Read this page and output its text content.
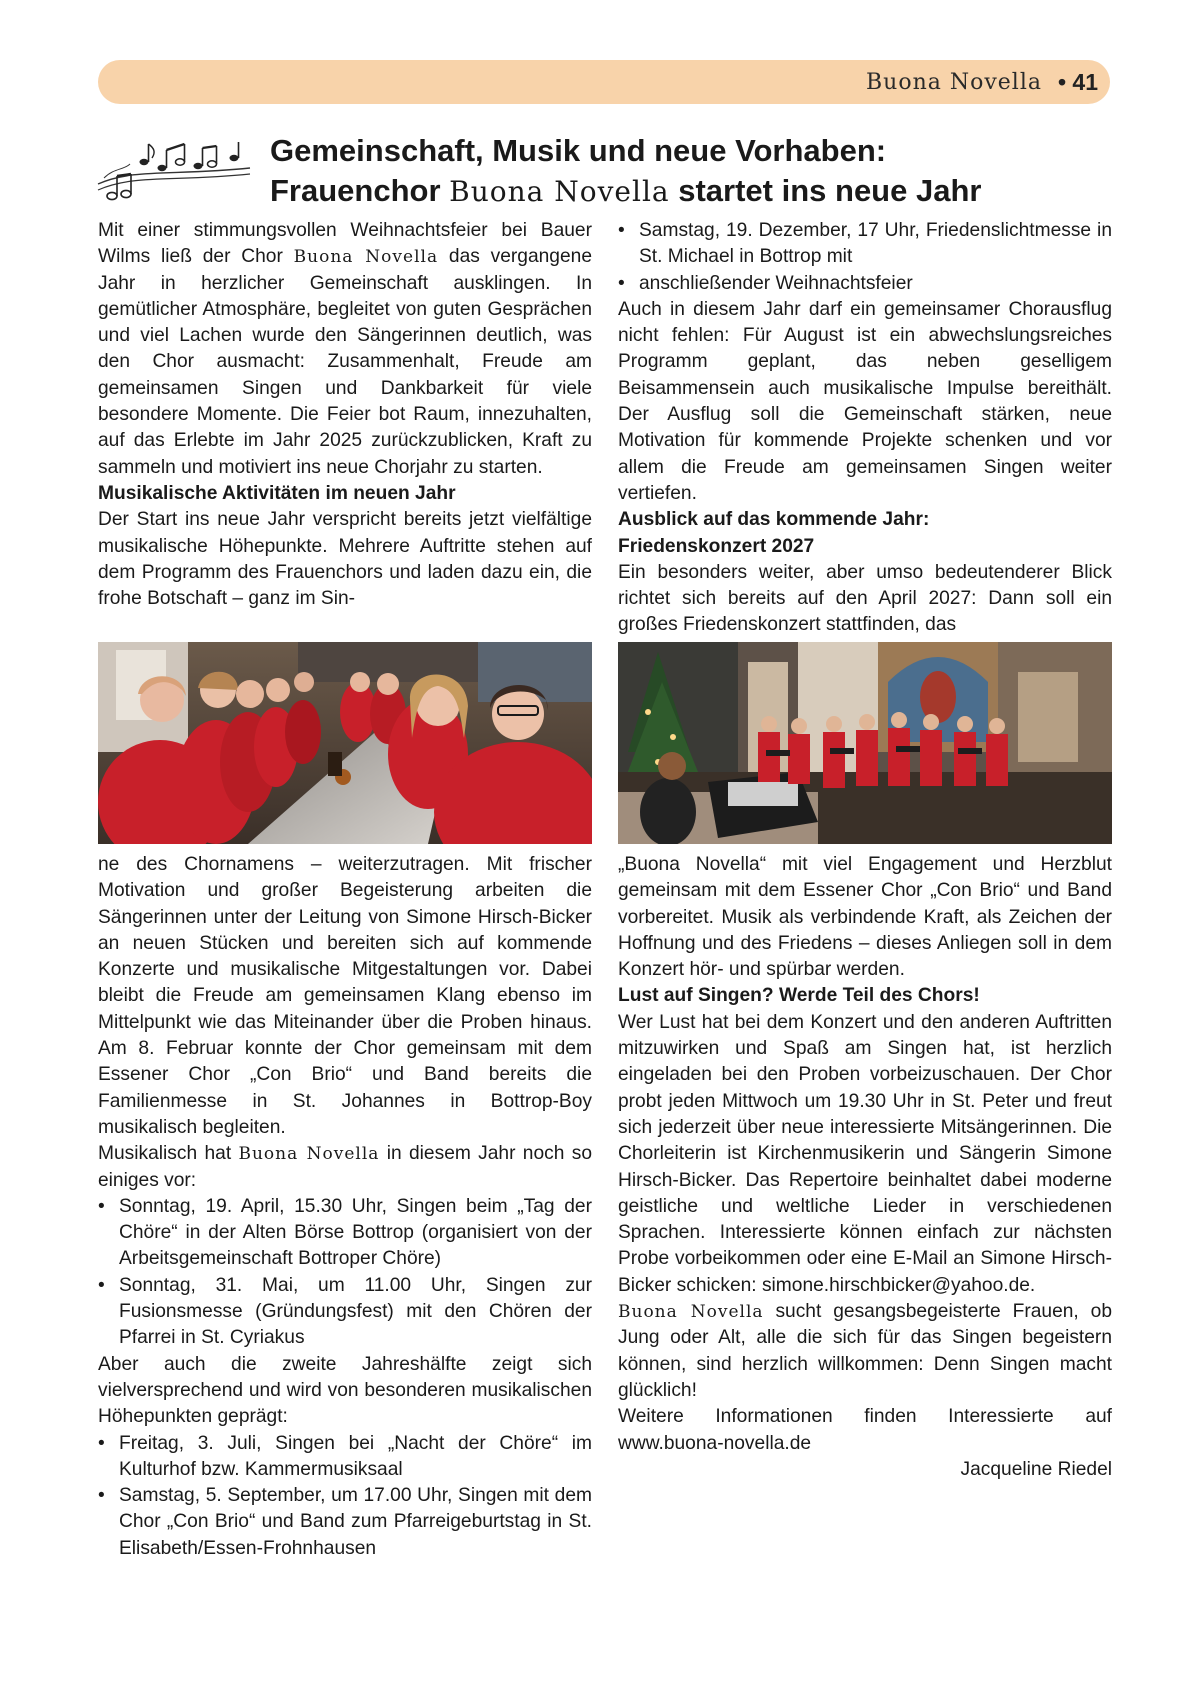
Buona Novella • 41
Gemeinschaft, Musik und neue Vorhaben:
Frauenchor Buona Novella startet ins neue Jahr

Mit einer stimmungsvollen Weihnachtsfeier bei Bauer Wilms ließ der Chor Buona Novella das vergangene Jahr in herzlicher Gemeinschaft ausklingen. In gemütlicher Atmosphäre, begleitet von guten Gesprächen und viel Lachen wurde den Sängerinnen deutlich, was den Chor ausmacht: Zusammenhalt, Freude am gemeinsamen Singen und Dankbarkeit für viele besondere Momente. Die Feier bot Raum, innezuhalten, auf das Erlebte im Jahr 2025 zurückzublicken, Kraft zu sammeln und motiviert ins neue Chorjahr zu starten.

Musikalische Aktivitäten im neuen Jahr

Der Start ins neue Jahr verspricht bereits jetzt vielfältige musikalische Höhepunkte. Mehrere Auftritte stehen auf dem Programm des Frauenchors und laden dazu ein, die frohe Botschaft – ganz im Sin-

ne des Chornamens – weiterzutragen. Mit frischer Motivation und großer Begeisterung arbeiten die Sängerinnen unter der Leitung von Simone Hirsch-Bicker an neuen Stücken und bereiten sich auf kommende Konzerte und musikalische Mitgestaltungen vor. Dabei bleibt die Freude am gemeinsamen Klang ebenso im Mittelpunkt wie das Miteinander über die Proben hinaus. Am 8. Februar konnte der Chor gemeinsam mit dem Essener Chor „Con Brio“ und Band bereits die Familienmesse in St. Johannes in Bottrop-Boy musikalisch begleiten.

Musikalisch hat Buona Novella in diesem Jahr noch so einiges vor:

• Sonntag, 19. April, 15.30 Uhr, Singen beim „Tag der Chöre“ in der Alten Börse Bottrop (organisiert von der Arbeitsgemeinschaft Bottroper Chöre)
• Sonntag, 31. Mai, um 11.00 Uhr, Singen zur Fusionsmesse (Gründungsfest) mit den Chören der Pfarrei in St. Cyriakus

Aber auch die zweite Jahreshälfte zeigt sich vielversprechend und wird von besonderen musikalischen Höhepunkten geprägt:

• Freitag, 3. Juli, Singen bei „Nacht der Chöre“ im Kulturhof bzw. Kammermusiksaal
• Samstag, 5. September, um 17.00 Uhr, Singen mit dem Chor „Con Brio“ und Band zum Pfarreigeburtstag in St. Elisabeth/Essen-Frohnhausen
• Samstag, 19. Dezember, 17 Uhr, Friedenslichtmesse in St. Michael in Bottrop mit
• anschließender Weihnachtsfeier

Auch in diesem Jahr darf ein gemeinsamer Chorausflug nicht fehlen: Für August ist ein abwechslungsreiches Programm geplant, das neben geselligem Beisammensein auch musikalische Impulse bereithält. Der Ausflug soll die Gemeinschaft stärken, neue Motivation für kommende Projekte schenken und vor allem die Freude am gemeinsamen Singen weiter vertiefen.

Ausblick auf das kommende Jahr:
Friedenskonzert 2027

Ein besonders weiter, aber umso bedeutenderer Blick richtet sich bereits auf den April 2027: Dann soll ein großes Friedenskonzert stattfinden, das

„Buona Novella“ mit viel Engagement und Herzblut gemeinsam mit dem Essener Chor „Con Brio“ und Band vorbereitet. Musik als verbindende Kraft, als Zeichen der Hoffnung und des Friedens – dieses Anliegen soll in dem Konzert hör- und spürbar werden.

Lust auf Singen? Werde Teil des Chors!

Wer Lust hat bei dem Konzert und den anderen Auftritten mitzuwirken und Spaß am Singen hat, ist herzlich eingeladen bei den Proben vorbeizuschauen. Der Chor probt jeden Mittwoch um 19.30 Uhr in St. Peter und freut sich jederzeit über neue interessierte Mitsängerinnen. Die Chorleiterin ist Kirchenmusikerin und Sängerin Simone Hirsch-Bicker. Das Repertoire beinhaltet dabei moderne geistliche und weltliche Lieder in verschiedenen Sprachen. Interessierte können einfach zur nächsten Probe vorbeikommen oder eine E-Mail an Simone Hirsch-Bicker schicken: simone.hirschbicker@yahoo.de.

Buona Novella sucht gesangsbegeisterte Frauen, ob Jung oder Alt, alle die sich für das Singen begeistern können, sind herzlich willkommen: Denn Singen macht glücklich!

Weitere Informationen finden Interessierte auf www.buona-novella.de

Jacqueline Riedel
